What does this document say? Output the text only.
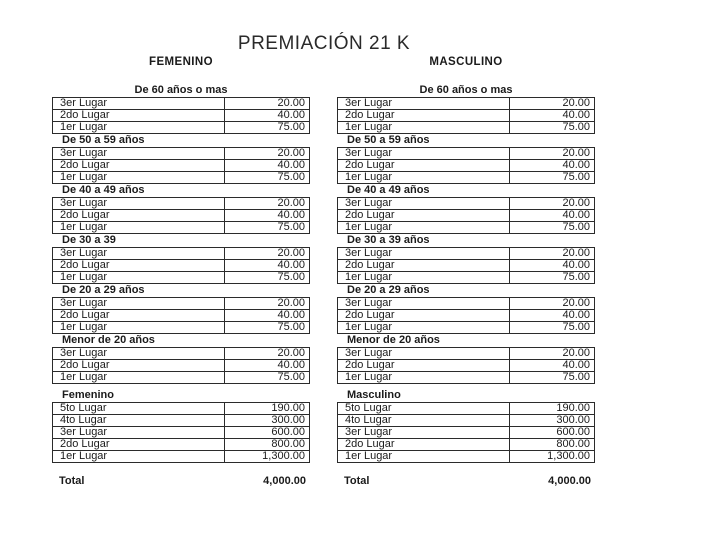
PREMIACIÓN 21 K
FEMENINO
De 60 años o mas
3er Lugar	20.00
2do Lugar	40.00
1er Lugar	75.00
De 50 a 59 años
3er Lugar	20.00
2do Lugar	40.00
1er Lugar	75.00
De 40 a 49 años
3er Lugar	20.00
2do Lugar	40.00
1er Lugar	75.00
De 30 a 39
3er Lugar	20.00
2do Lugar	40.00
1er Lugar	75.00
De 20 a 29 años
3er Lugar	20.00
2do Lugar	40.00
1er Lugar	75.00
Menor de 20 años
3er Lugar	20.00
2do Lugar	40.00
1er Lugar	75.00
Femenino
5to Lugar	190.00
4to Lugar	300.00
3er Lugar	600.00
2do Lugar	800.00
1er Lugar	1,300.00
Total	4,000.00
MASCULINO
De 60 años o mas
3er Lugar	20.00
2do Lugar	40.00
1er Lugar	75.00
De 50 a 59 años
3er Lugar	20.00
2do Lugar	40.00
1er Lugar	75.00
De 40 a 49 años
3er Lugar	20.00
2do Lugar	40.00
1er Lugar	75.00
De 30 a 39 años
3er Lugar	20.00
2do Lugar	40.00
1er Lugar	75.00
De 20 a 29 años
3er Lugar	20.00
2do Lugar	40.00
1er Lugar	75.00
Menor de 20 años
3er Lugar	20.00
2do Lugar	40.00
1er Lugar	75.00
Masculino
5to Lugar	190.00
4to Lugar	300.00
3er Lugar	600.00
2do Lugar	800.00
1er Lugar	1,300.00
Total	4,000.00
